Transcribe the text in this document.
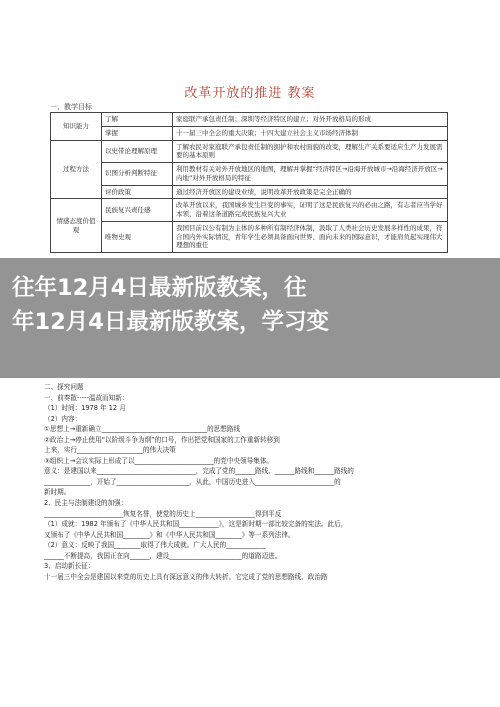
改革开放的推进 教案
一、教学目标
知识能力	了解	家庭联产承包责任制；深圳等经济特区的建立；对外开放格局的形成
	掌握	十一届三中全会的重大决策；十四大建立社会主义市场经济体制
过程方法	以史带论理解原理	了解农民对家庭联产承包责任制的拥护和农村面貌的改变，理解生产关系要适应生产力发展需要的基本原则
	识图分析判断特征	利用教材有关对外开放地区的地图，理解并掌握“经济特区→沿海开放城市→沿海经济开放区→内地”对外开放格局的特征
	评价政策	通过经济开放区的建设业绩，说明改革开放政策是完全正确的
情感态度价值观	民族复兴责任感	改革开放以来，我国城乡发生巨变的事实，证明了这是民族复兴的必由之路，有志者应当学好本领，沿着这条道路完成民族复兴大业
	唯物史观	我国目前以公有制为主体的多种所有制经济体制，汲取了人类社会历史发展多样性的成果，符合国内外实际情况，青年学生必须具备面向世界、面向未来的国际意识，才能肩负起实现伟大理想的重任
二、探究问题
一、前奏散-----温故而知新：
（1）时间：1978 年 12 月
（2）内容：
①思想上→重新确立________________________________的思想路线
②政治上→停止使用“以阶级斗争为纲”的口号，作出把党和国家的工作重新转移到
上来，实行____________________的伟大决策
③组织上→会议实际上形成了以________________________的党中央领导集体。
意义：是建国以来______________________________，完成了党的______路线、______路线和______路线的
______________，开始了______________________，从此，中国历史进入________________________的
新时期。
2、民主与法制建设的加强：
________________________恢复名誉，使党的历史上__________________得到平反
（1）成就：1982 年颁布了《中华人民共和国____________》，这是新时期一部比较完备的宪法。此后，
又颁布了《中华人民共和国________》和《中华人民共和国________》等一系列法律。
（2）意义：反映了我国________取得了伟大成就。广大人民的____________
______不断提高，我国正在向______，建设______________________的道路迈进。
3、启动新长征：
十一届三中全会是建国以来党的历史上具有深远意义的伟大转折。它完成了党的思想路线、政治路
往年12月4日最新版教案，往
年12月4日最新版教案，学习变
